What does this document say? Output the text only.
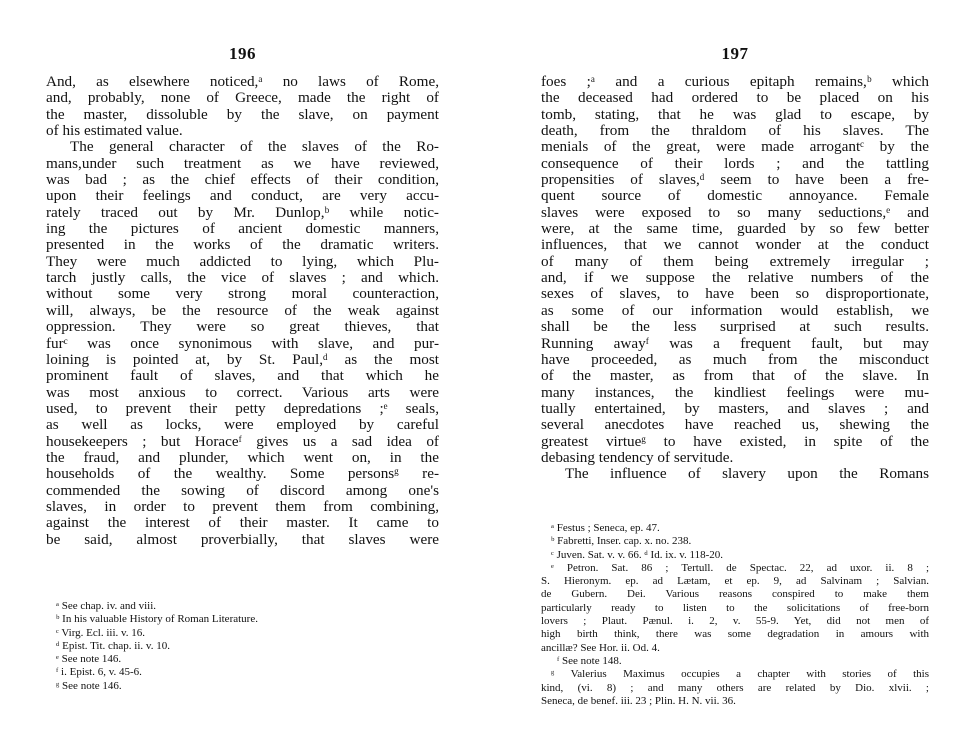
196
And, as elsewhere noticed,ᵃ no laws of Rome,
and, probably, none of Greece, made the right of
the master, dissoluble by the slave, on payment
of his estimated value.
The general character of the slaves of the Ro-
mans,under such treatment as we have reviewed,
was bad ; as the chief effects of their condition,
upon their feelings and conduct, are very accu-
rately traced out by Mr. Dunlop,ᵇ while notic-
ing the pictures of ancient domestic manners,
presented in the works of the dramatic writers.
They were much addicted to lying, which Plu-
tarch justly calls, the vice of slaves ; and which.
without some very strong moral counteraction,
will, always, be the resource of the weak against
oppression. They were so great thieves, that
furᶜ was once synonimous with slave, and pur-
loining is pointed at, by St. Paul,ᵈ as the most
prominent fault of slaves, and that which he
was most anxious to correct. Various arts were
used, to prevent their petty depredations ;ᵉ seals,
as well as locks, were employed by careful
housekeepers ; but Horaceᶠ gives us a sad idea of
the fraud, and plunder, which went on, in the
households of the wealthy. Some personsᵍ re-
commended the sowing of discord among one's
slaves, in order to prevent them from combining,
against the interest of their master. It came to
be said, almost proverbially, that slaves were
ᵃ See chap. iv. and viii.
ᵇ In his valuable History of Roman Literature.
ᶜ Virg. Ecl. iii. v. 16.
ᵈ Epist. Tit. chap. ii. v. 10.
ᵉ See note 146.
ᶠ i. Epist. 6, v. 45-6.
ᵍ See note 146.
197
foes ;ᵃ and a curious epitaph remains,ᵇ which
the deceased had ordered to be placed on his
tomb, stating, that he was glad to escape, by
death, from the thraldom of his slaves. The
menials of the great, were made arrogantᶜ by the
consequence of their lords ; and the tattling
propensities of slaves,ᵈ seem to have been a fre-
quent source of domestic annoyance. Female
slaves were exposed to so many seductions,ᵉ and
were, at the same time, guarded by so few better
influences, that we cannot wonder at the conduct
of many of them being extremely irregular ;
and, if we suppose the relative numbers of the
sexes of slaves, to have been so disproportionate,
as some of our information would establish, we
shall be the less surprised at such results.
Running awayᶠ was a frequent fault, but may
have proceeded, as much from the misconduct
of the master, as from that of the slave. In
many instances, the kindliest feelings were mu-
tually entertained, by masters, and slaves ; and
several anecdotes have reached us, shewing the
greatest virtueᵍ to have existed, in spite of the
debasing tendency of servitude.
The influence of slavery upon the Romans
ᵃ Festus ; Seneca, ep. 47.
ᵇ Fabretti, Inser. cap. x. no. 238.
ᶜ Juven. Sat. v. v. 66. ᵈ Id. ix. v. 118-20.
ᵉ Petron. Sat. 86 ; Tertull. de Spectac. 22, ad uxor. ii. 8 ;
S. Hieronym. ep. ad Lætam, et ep. 9, ad Salvinam ; Salvian.
de Gubern. Dei. Various reasons conspired to make them
particularly ready to listen to the solicitations of free-born
lovers ; Plaut. Pænul. i. 2, v. 55-9. Yet, did not men of
high birth think, there was some degradation in amours with
ancillæ? See Hor. ii. Od. 4.
ᶠ See note 148.
ᵍ Valerius Maximus occupies a chapter with stories of this
kind, (vi. 8) ; and many others are related by Dio. xlvii. ;
Seneca, de benef. iii. 23 ; Plin. H. N. vii. 36.
